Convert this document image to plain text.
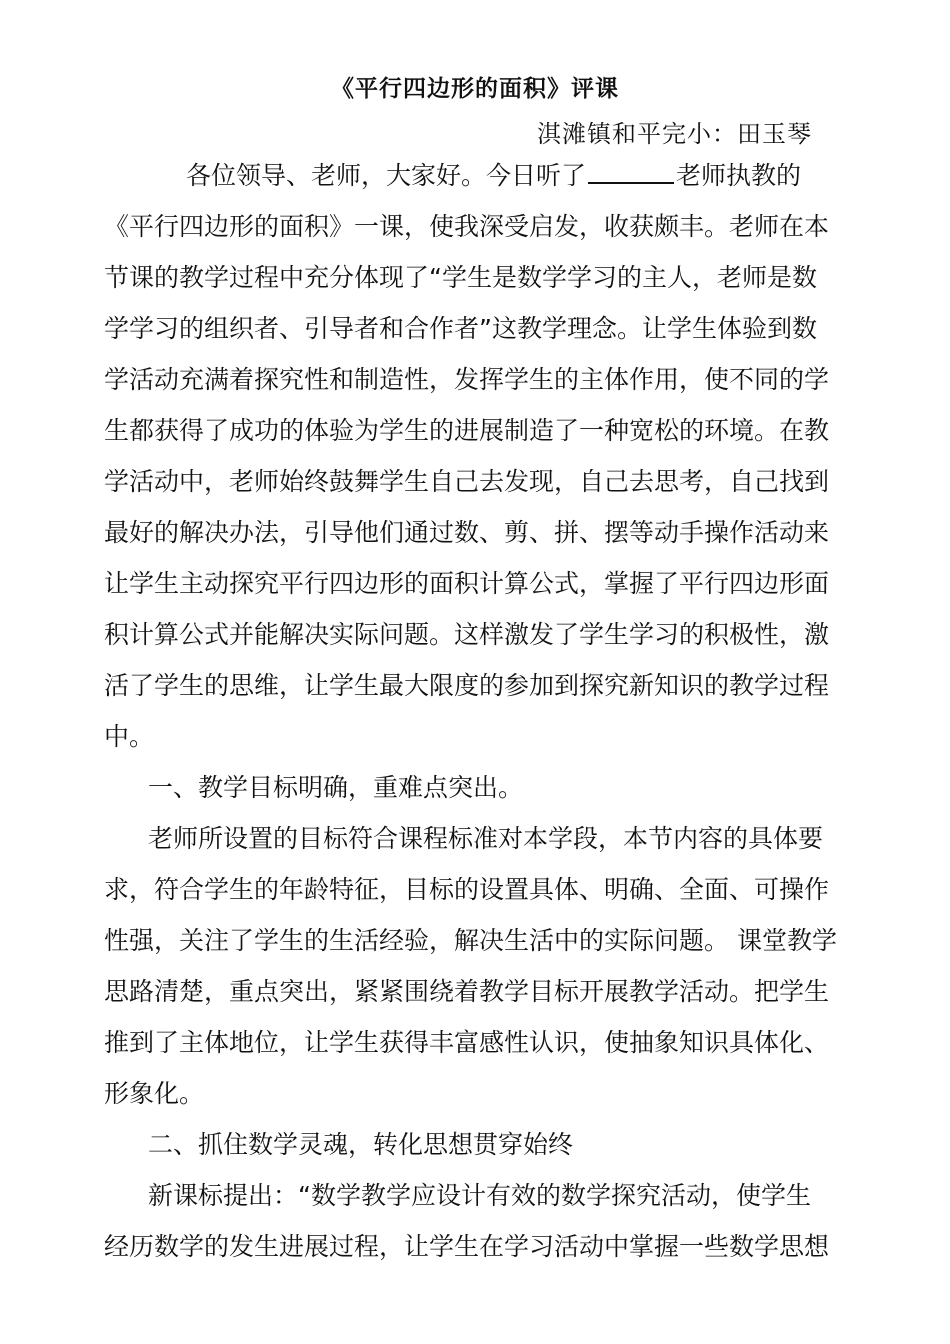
《平行四边形的面积》评课
淇滩镇和平完小：田玉琴
各位领导、老师，大家好。今日听了	老师执教的
《平行四边形的面积》一课，使我深受启发，收获颇丰。老师在本
节课的教学过程中充分体现了“学生是数学学习的主人，老师是数
学学习的组织者、引导者和合作者”这教学理念。让学生体验到数
学活动充满着探究性和制造性，发挥学生的主体作用，使不同的学
生都获得了成功的体验为学生的进展制造了一种宽松的环境。在教
学活动中，老师始终鼓舞学生自己去发现，自己去思考，自己找到
最好的解决办法，引导他们通过数、剪、拼、摆等动手操作活动来
让学生主动探究平行四边形的面积计算公式，掌握了平行四边形面
积计算公式并能解决实际问题。这样激发了学生学习的积极性，激
活了学生的思维，让学生最大限度的参加到探究新知识的教学过程
中。
一、教学目标明确，重难点突出。
老师所设置的目标符合课程标准对本学段，本节内容的具体要
求，符合学生的年龄特征，目标的设置具体、明确、全面、可操作
性强，关注了学生的生活经验，解决生活中的实际问题。 课堂教学
思路清楚，重点突出，紧紧围绕着教学目标开展教学活动。把学生
推到了主体地位，让学生获得丰富感性认识，使抽象知识具体化、
形象化。
二、抓住数学灵魂，转化思想贯穿始终
新课标提出：“数学教学应设计有效的数学探究活动，使学生
经历数学的发生进展过程，让学生在学习活动中掌握一些数学思想
